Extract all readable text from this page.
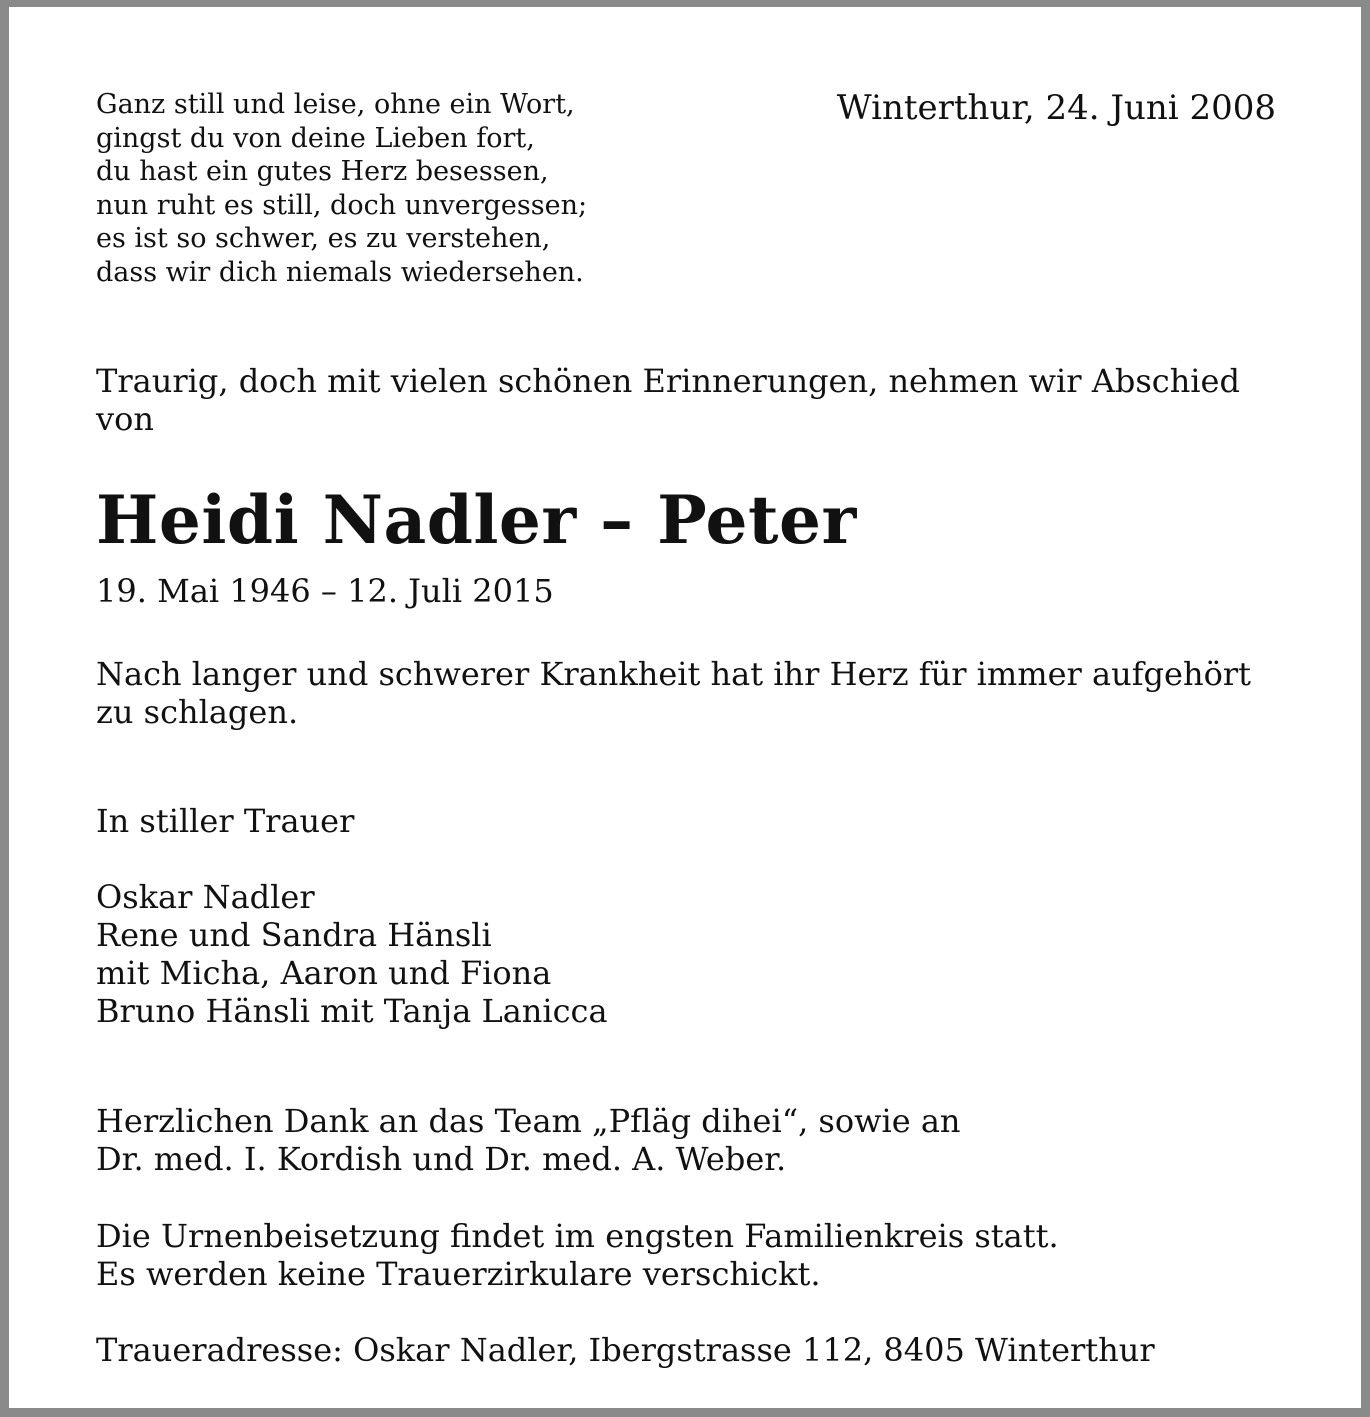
Ganz still und leise, ohne ein Wort,
gingst du von deine Lieben fort,
du hast ein gutes Herz besessen,
nun ruht es still, doch unvergessen;
es ist so schwer, es zu verstehen,
dass wir dich niemals wiedersehen.
Winterthur, 24. Juni 2008
Traurig, doch mit vielen schönen Erinnerungen, nehmen wir Abschied von
Heidi Nadler – Peter
19. Mai 1946 – 12. Juli 2015
Nach langer und schwerer Krankheit hat ihr Herz für immer aufgehört zu schlagen.
In stiller Trauer
Oskar Nadler
Rene und Sandra Hänsli
mit Micha, Aaron und Fiona
Bruno Hänsli mit Tanja Lanicca
Herzlichen Dank an das Team „Pfläg dihei“, sowie an
Dr. med. I. Kordish und Dr. med. A. Weber.
Die Urnenbeisetzung findet im engsten Familienkreis statt.
Es werden keine Trauerzirkulare verschickt.
Traueradresse: Oskar Nadler, Ibergstrasse 112, 8405 Winterthur
